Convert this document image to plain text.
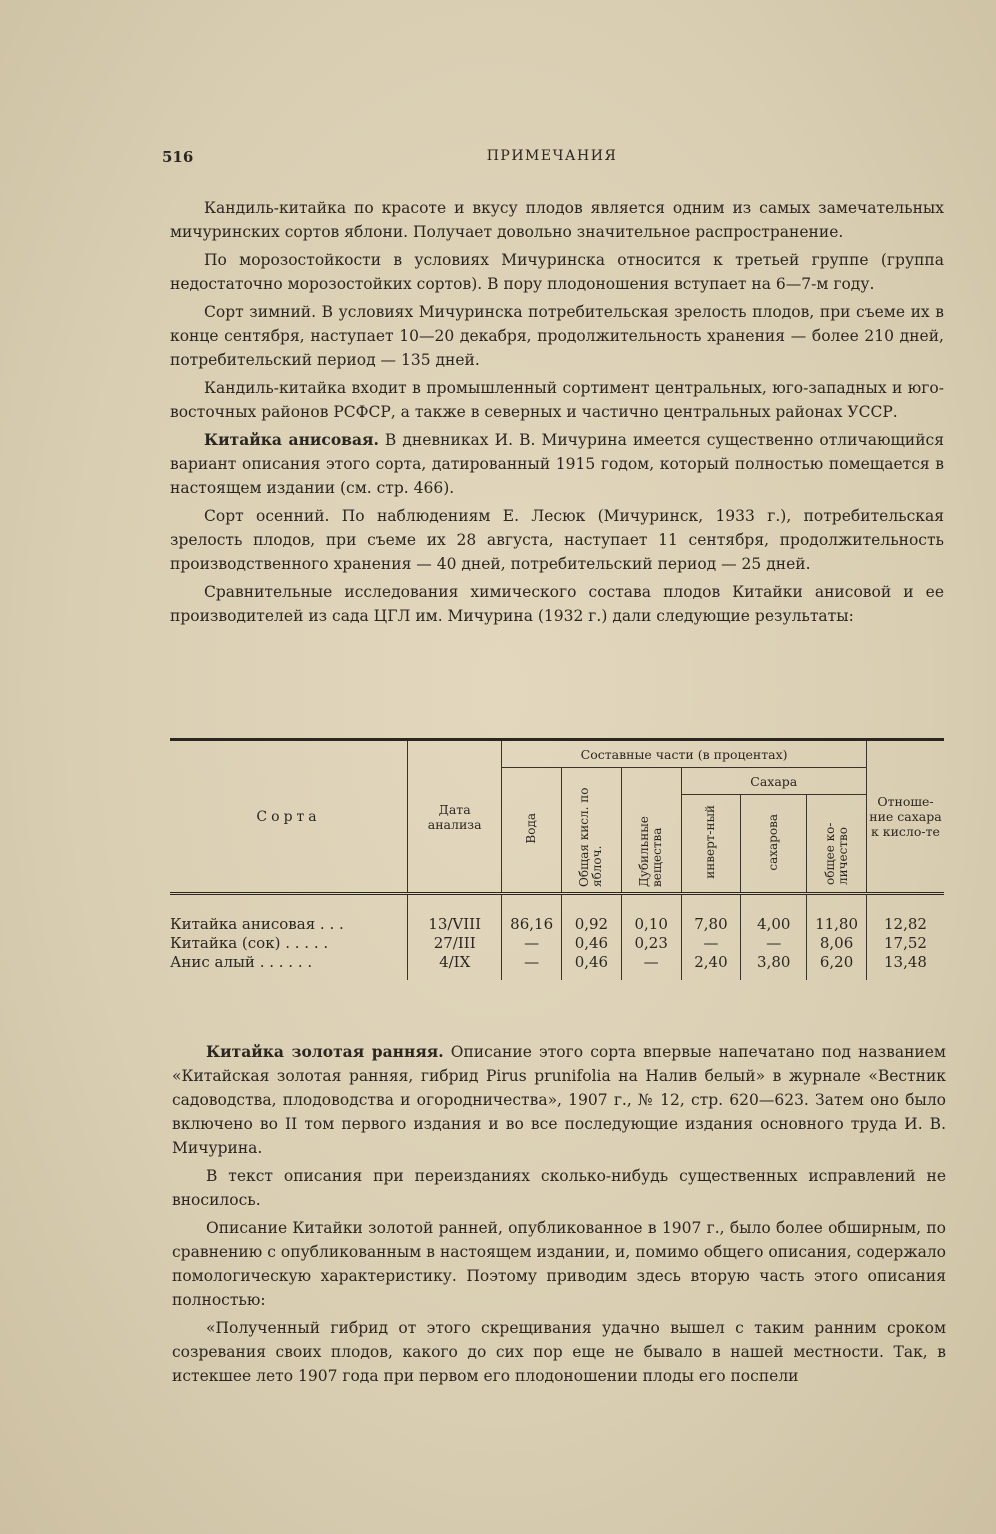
516	ПРИМЕЧАНИЯ

Кандиль-китайка по красоте и вкусу плодов является одним из самых замечательных мичуринских сортов яблони. Получает довольно значительное распространение.

По морозостойкости в условиях Мичуринска относится к третьей группе (группа недостаточно морозостойких сортов). В пору плодоношения вступает на 6—7-м году.

Сорт зимний. В условиях Мичуринска потребительская зрелость плодов, при съеме их в конце сентября, наступает 10—20 декабря, продолжительность хранения — более 210 дней, потребительский период — 135 дней.

Кандиль-китайка входит в промышленный сортимент центральных, юго-западных и юго-восточных районов РСФСР, а также в северных и частично центральных районах УССР.

Китайка анисовая. В дневниках И. В. Мичурина имеется существенно отличающийся вариант описания этого сорта, датированный 1915 годом, который полностью помещается в настоящем издании (см. стр. 466).

Сорт осенний. По наблюдениям Е. Лесюк (Мичуринск, 1933 г.), потребительская зрелость плодов, при съеме их 28 августа, наступает 11 сентября, продолжительность производственного хранения — 40 дней, потребительский период — 25 дней.

Сравнительные исследования химического состава плодов Китайки анисовой и ее производителей из сада ЦГЛ им. Мичурина (1932 г.) дали следующие результаты:

Сорта	Дата анализа	Составные части (в процентах)						Отноше-ние сахара к кисло-те
		Вода	Общая кисл. по яблоч.	Дубильные вещества	Сахара			
					инверт-ный	сахарова	общее ко-личество	

Китайка анисовая . . .	13/VIII	86,16	0,92	0,10	7,80	4,00	11,80	12,82
Китайка (сок) . . . . .	27/III	—	0,46	0,23	—	—	8,06	17,52
Анис алый . . . . . .	4/IX	—	0,46	—	2,40	3,80	6,20	13,48

Китайка золотая ранняя. Описание этого сорта впервые напечатано под названием «Китайская золотая ранняя, гибрид Pirus prunifolia на Налив белый» в журнале «Вестник садоводства, плодоводства и огородничества», 1907 г., № 12, стр. 620—623. Затем оно было включено во II том первого издания и во все последующие издания основного труда И. В. Мичурина.

В текст описания при переизданиях сколько-нибудь существенных исправлений не вносилось.

Описание Китайки золотой ранней, опубликованное в 1907 г., было более обширным, по сравнению с опубликованным в настоящем издании, и, помимо общего описания, содержало помологическую характеристику. Поэтому приводим здесь вторую часть этого описания полностью:

«Полученный гибрид от этого скрещивания удачно вышел с таким ранним сроком созревания своих плодов, какого до сих пор еще не бывало в нашей местности. Так, в истекшее лето 1907 года при первом его плодоношении плоды его поспели
